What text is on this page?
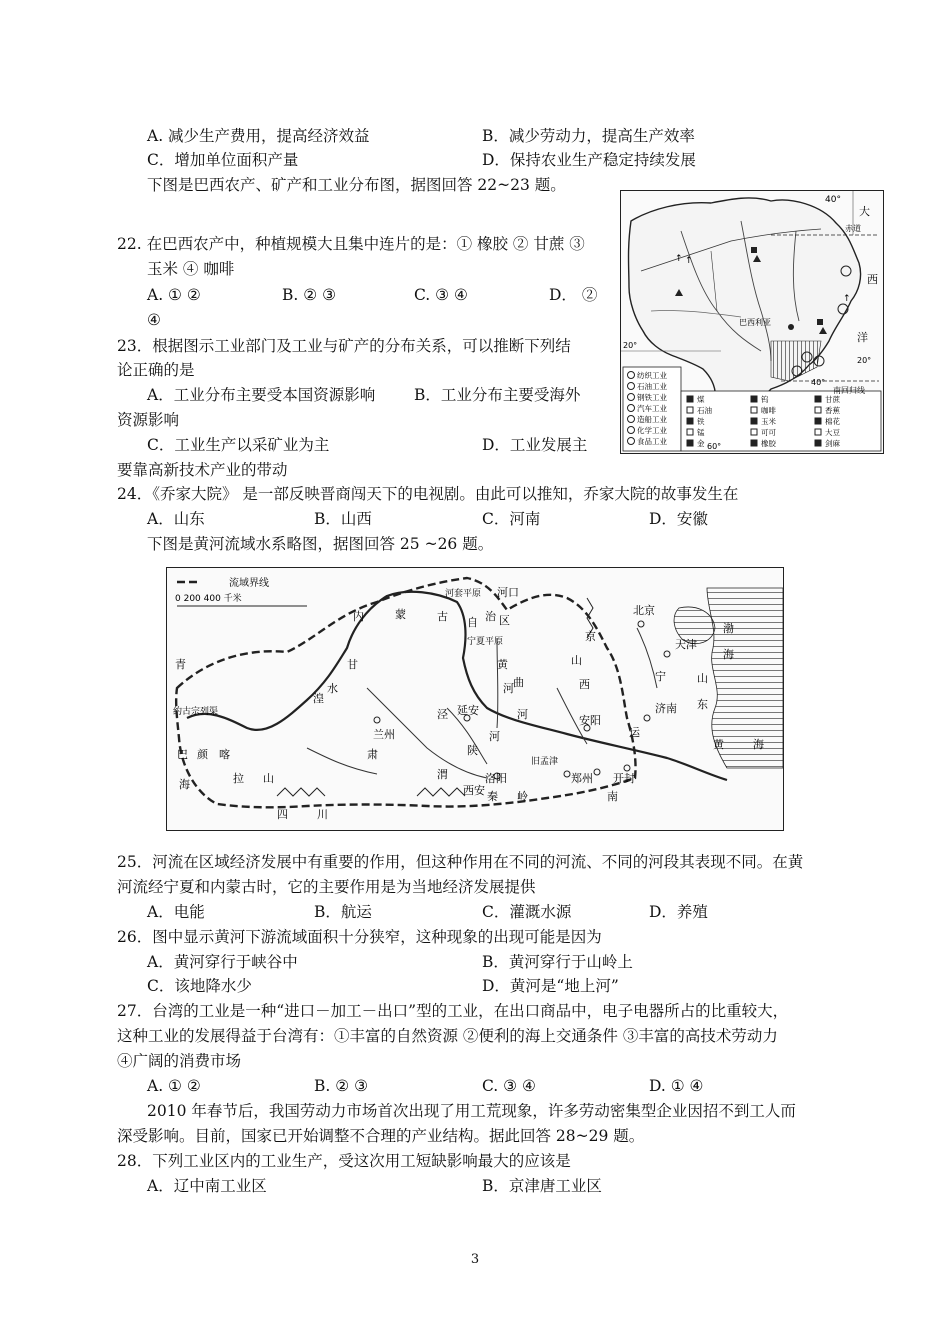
A. 减少生产费用，提高经济效益	B．减少劳动力，提高生产效率
C．增加单位面积产量	D．保持农业生产稳定持续发展
下图是巴西农产、矿产和工业分布图，据图回答 22~23 题。
22. 在巴西农产中，种植规模大且集中连片的是：① 橡胶 ② 甘蔗 ③
玉米 ④ 咖啡
A. ① ②	B. ② ③	C. ③ ④	D． ②
④
23．根据图示工业部门及工业与矿产的分布关系，可以推断下列结
论正确的是
A．工业分布主要受本国资源影响	B．工业分布主要受海外
资源影响
C．工业生产以采矿业为主	D．工业发展主
要靠高新技术产业的带动
↑ ↑
↑
40°
大
赤道
西
洋
20°
20°
40°
60°
巴西利亚
南回归线
纺织工业
石油工业
钢铁工业
汽车工业
造船工业
化学工业
食品工业
煤	钨	甘蔗
石油	咖啡	香蕉
铁	玉米	棉花
锰	可可	大豆
金	橡胶	剑麻
24．《乔家大院》 是一部反映晋商闯天下的电视剧。由此可以推知，乔家大院的故事发生在
A．山东	B．山西	C．河南	D．安徽
下图是黄河流域水系略图，据图回答 25 ~26 题。
流域界线
0 200 400 千米
内	蒙	古 自 治 区
河套平原 河口
宁夏平原
北京
天津
渤
海
甘	黄
河
山
西
曲
京
青
湟
水
兰州
延安
安阳
济南
山
东
约古宗列渠	泾
陕
河
旧孟津
洛阳	郑州 开封
黄	海
巴 颜 喀
拉 山
西安
渭
肃
秦 岭	南
四	川
海
河
运
宁
25．河流在区域经济发展中有重要的作用，但这种作用在不同的河流、不同的河段其表现不同。在黄
河流经宁夏和内蒙古时，它的主要作用是为当地经济发展提供
A．电能	B．航运	C．灌溉水源	D．养殖
26．图中显示黄河下游流域面积十分狭窄，这种现象的出现可能是因为
A．黄河穿行于峡谷中	B．黄河穿行于山岭上
C．该地降水少	D．黄河是“地上河”
27．台湾的工业是一种“进口－加工－出口”型的工业，在出口商品中，电子电器所占的比重较大，
这种工业的发展得益于台湾有：①丰富的自然资源 ②便利的海上交通条件 ③丰富的高技术劳动力
④广阔的消费市场
A. ① ②	B. ② ③	C. ③ ④	D. ① ④
2010 年春节后，我国劳动力市场首次出现了用工荒现象，许多劳动密集型企业因招不到工人而
深受影响。目前，国家已开始调整不合理的产业结构。据此回答 28~29 题。
28．下列工业区内的工业生产，受这次用工短缺影响最大的应该是
A．辽中南工业区	B．京津唐工业区
3
